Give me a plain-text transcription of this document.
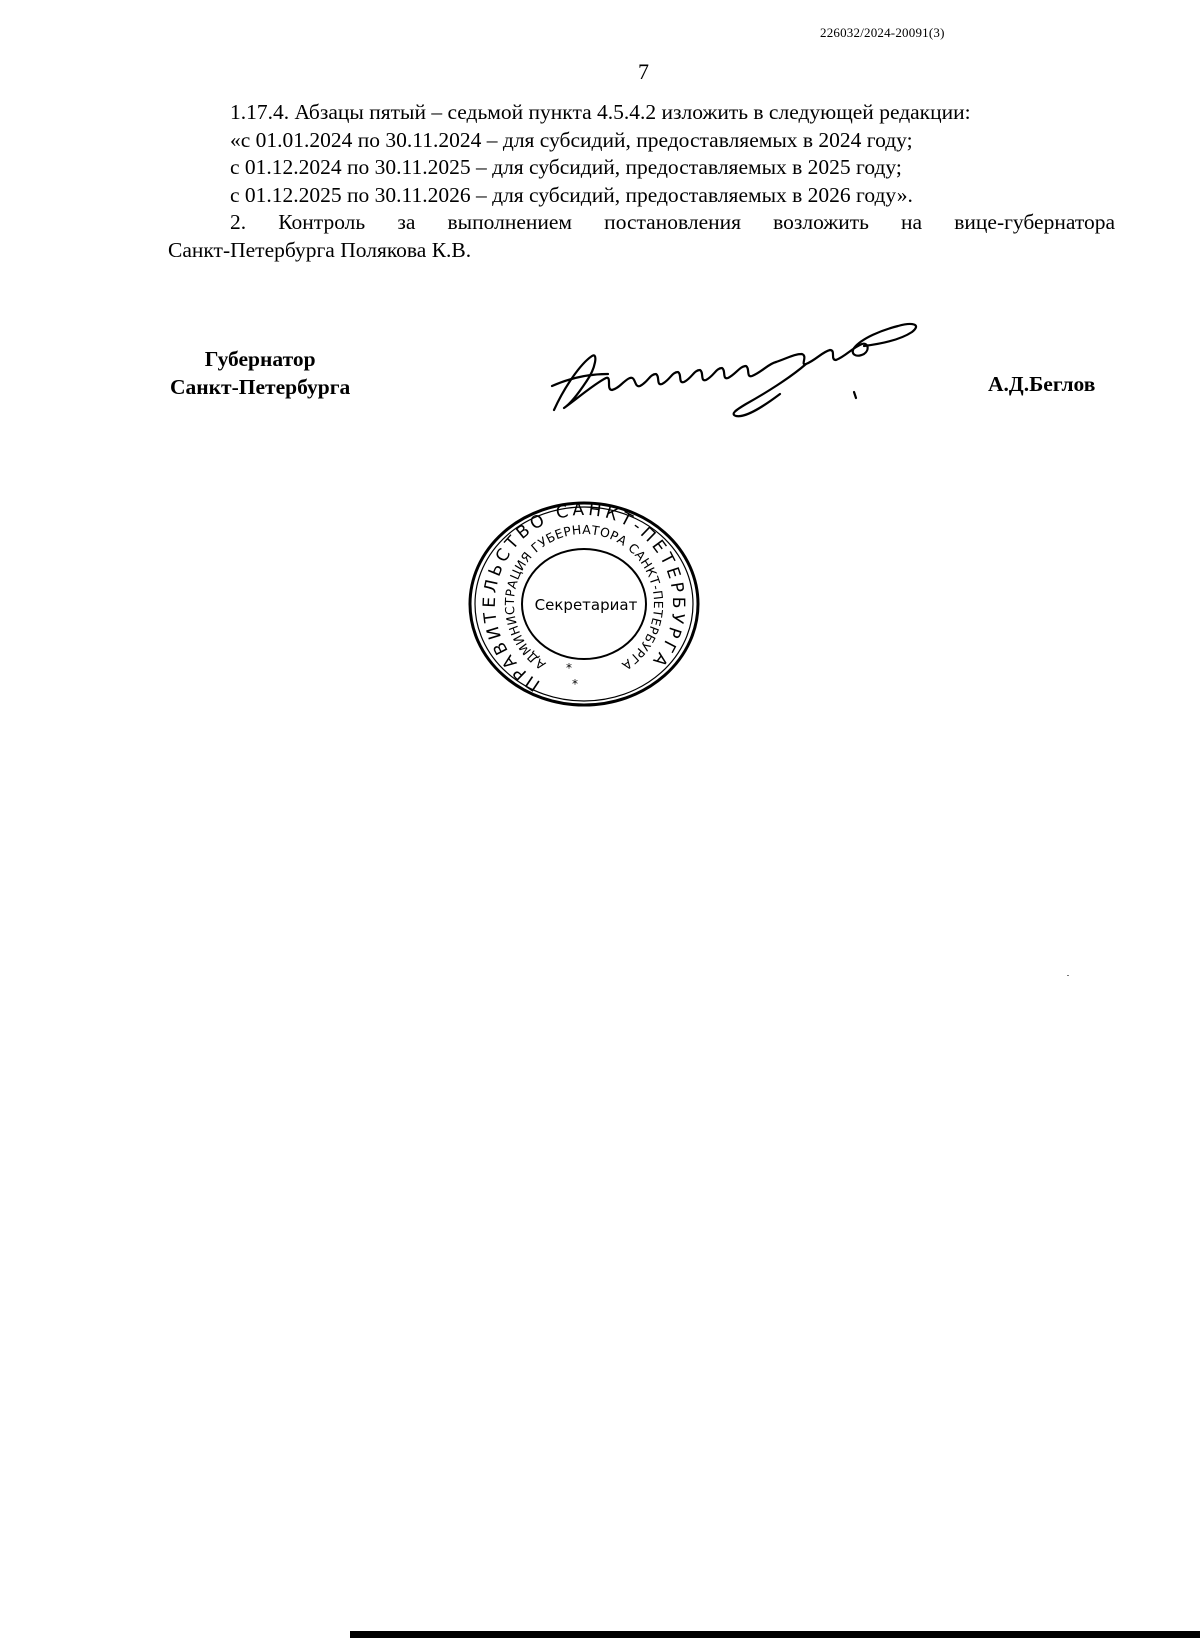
226032/2024-20091(3)
7

1.17.4. Абзацы пятый – седьмой пункта 4.5.4.2 изложить в следующей редакции:

«с 01.01.2024 по 30.11.2024 – для субсидий, предоставляемых в 2024 году;

с 01.12.2024 по 30.11.2025 – для субсидий, предоставляемых в 2025 году;

с 01.12.2025 по 30.11.2026 – для субсидий, предоставляемых в 2026 году».

2. Контроль за выполнением постановления возложить на вице-губернатора
Санкт-Петербурга Полякова К.В.

Губернатор
Санкт-Петербурга	А.Д.Беглов
ПРАВИТЕЛЬСТВО САНКТ-ПЕТЕРБУРГА
АДМИНИСТРАЦИЯ ГУБЕРНАТОРА САНКТ-ПЕТЕРБУРГА
Секретариат
*
*
